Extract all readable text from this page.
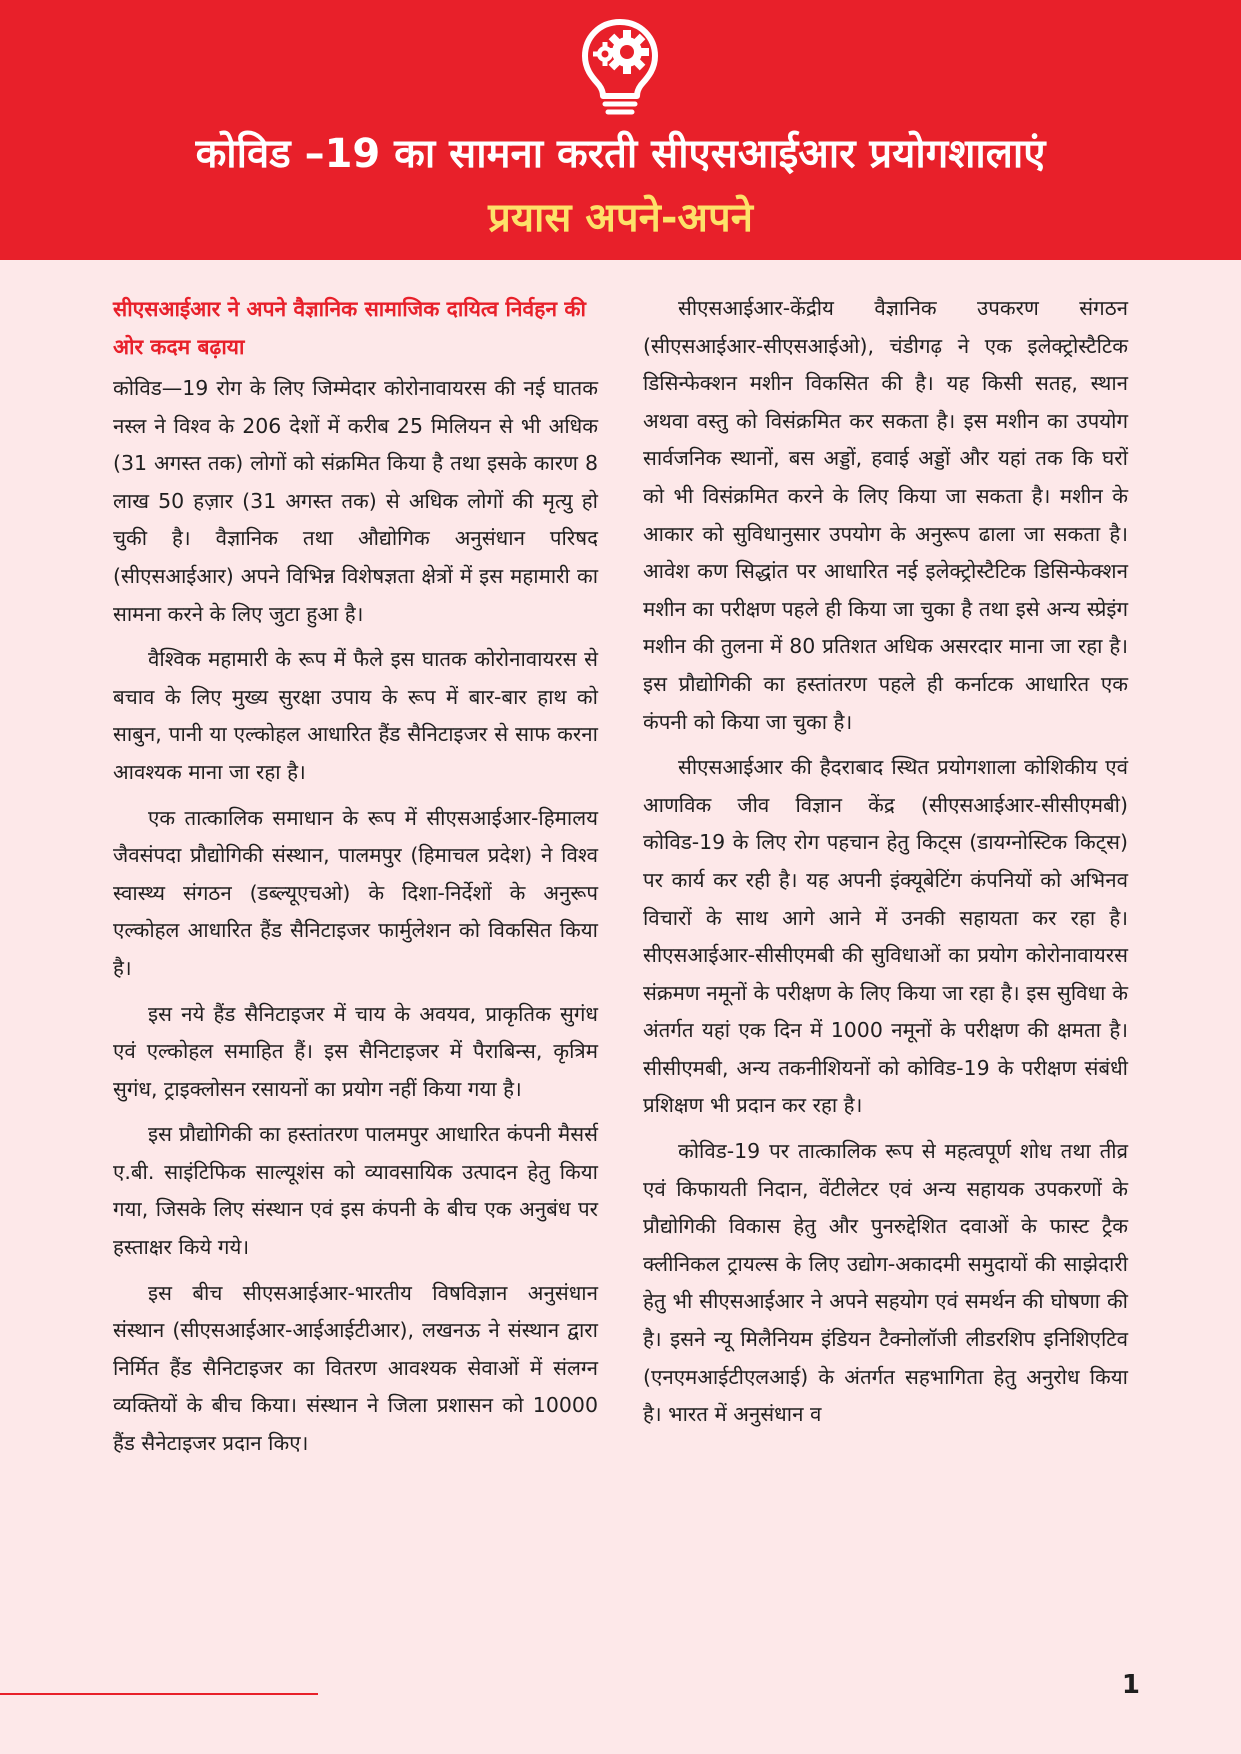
कोविड –19 का सामना करती सीएसआईआर प्रयोगशालाएं
प्रयास अपने-अपने
सीएसआईआर ने अपने वैज्ञानिक सामाजिक दायित्व निर्वहन की ओर कदम बढ़ाया

कोविड—19 रोग के लिए जिम्मेदार कोरोनावायरस की नई घातक नस्ल ने विश्व के 206 देशों में करीब 25 मिलियन से भी अधिक (31 अगस्त तक) लोगों को संक्रमित किया है तथा इसके कारण 8 लाख 50 हज़ार (31 अगस्त तक) से अधिक लोगों की मृत्यु हो चुकी है। वैज्ञानिक तथा औद्योगिक अनुसंधान परिषद (सीएसआईआर) अपने विभिन्न विशेषज्ञता क्षेत्रों में इस महामारी का सामना करने के लिए जुटा हुआ है।

वैश्विक महामारी के रूप में फैले इस घातक कोरोनावायरस से बचाव के लिए मुख्य सुरक्षा उपाय के रूप में बार-बार हाथ को साबुन, पानी या एल्कोहल आधारित हैंड सैनिटाइजर से साफ करना आवश्यक माना जा रहा है।

एक तात्कालिक समाधान के रूप में सीएसआईआर-हिमालय जैवसंपदा प्रौद्योगिकी संस्थान, पालमपुर (हिमाचल प्रदेश) ने विश्व स्वास्थ्य संगठन (डब्ल्यूएचओ) के दिशा-निर्देशों के अनुरूप एल्कोहल आधारित हैंड सैनिटाइजर फार्मुलेशन को विकसित किया है।

इस नये हैंड सैनिटाइजर में चाय के अवयव, प्राकृतिक सुगंध एवं एल्कोहल समाहित हैं। इस सैनिटाइजर में पैराबिन्स, कृत्रिम सुगंध, ट्राइक्लोसन रसायनों का प्रयोग नहीं किया गया है।

इस प्रौद्योगिकी का हस्तांतरण पालमपुर आधारित कंपनी मैसर्स ए.बी. साइंटिफिक साल्यूशंस को व्यावसायिक उत्पादन हेतु किया गया, जिसके लिए संस्थान एवं इस कंपनी के बीच एक अनुबंध पर हस्ताक्षर किये गये।

इस बीच सीएसआईआर-भारतीय विषविज्ञान अनुसंधान संस्थान (सीएसआईआर-आईआईटीआर), लखनऊ ने संस्थान द्वारा निर्मित हैंड सैनिटाइजर का वितरण आवश्यक सेवाओं में संलग्न व्यक्तियों के बीच किया। संस्थान ने जिला प्रशासन को 10000 हैंड सैनेटाइजर प्रदान किए।

सीएसआईआर-केंद्रीय वैज्ञानिक उपकरण संगठन (सीएसआईआर-सीएसआईओ), चंडीगढ़ ने एक इलेक्ट्रोस्टैटिक डिसिन्फेक्शन मशीन विकसित की है। यह किसी सतह, स्थान अथवा वस्तु को विसंक्रमित कर सकता है। इस मशीन का उपयोग सार्वजनिक स्थानों, बस अड्डों, हवाई अड्डों और यहां तक कि घरों को भी विसंक्रमित करने के लिए किया जा सकता है। मशीन के आकार को सुविधानुसार उपयोग के अनुरूप ढाला जा सकता है। आवेश कण सिद्धांत पर आधारित नई इलेक्ट्रोस्टैटिक डिसिन्फेक्शन मशीन का परीक्षण पहले ही किया जा चुका है तथा इसे अन्य स्प्रेइंग मशीन की तुलना में 80 प्रतिशत अधिक असरदार माना जा रहा है। इस प्रौद्योगिकी का हस्तांतरण पहले ही कर्नाटक आधारित एक कंपनी को किया जा चुका है।

सीएसआईआर की हैदराबाद स्थित प्रयोगशाला कोशिकीय एवं आणविक जीव विज्ञान केंद्र (सीएसआईआर-सीसीएमबी) कोविड-19 के लिए रोग पहचान हेतु किट्स (डायग्नोस्टिक किट्स) पर कार्य कर रही है। यह अपनी इंक्यूबेटिंग कंपनियों को अभिनव विचारों के साथ आगे आने में उनकी सहायता कर रहा है। सीएसआईआर-सीसीएमबी की सुविधाओं का प्रयोग कोरोनावायरस संक्रमण नमूनों के परीक्षण के लिए किया जा रहा है। इस सुविधा के अंतर्गत यहां एक दिन में 1000 नमूनों के परीक्षण की क्षमता है। सीसीएमबी, अन्य तकनीशियनों को कोविड-19 के परीक्षण संबंधी प्रशिक्षण भी प्रदान कर रहा है।

कोविड-19 पर तात्कालिक रूप से महत्वपूर्ण शोध तथा तीव्र एवं किफायती निदान, वेंटीलेटर एवं अन्य सहायक उपकरणों के प्रौद्योगिकी विकास हेतु और पुनरुद्देशित दवाओं के फास्ट ट्रैक क्लीनिकल ट्रायल्स के लिए उद्योग-अकादमी समुदायों की साझेदारी हेतु भी सीएसआईआर ने अपने सहयोग एवं समर्थन की घोषणा की है। इसने न्यू मिलैनियम इंडियन टैक्नोलॉजी लीडरशिप इनिशिएटिव (एनएमआईटीएलआई) के अंतर्गत सहभागिता हेतु अनुरोध किया है। भारत में अनुसंधान व

1
